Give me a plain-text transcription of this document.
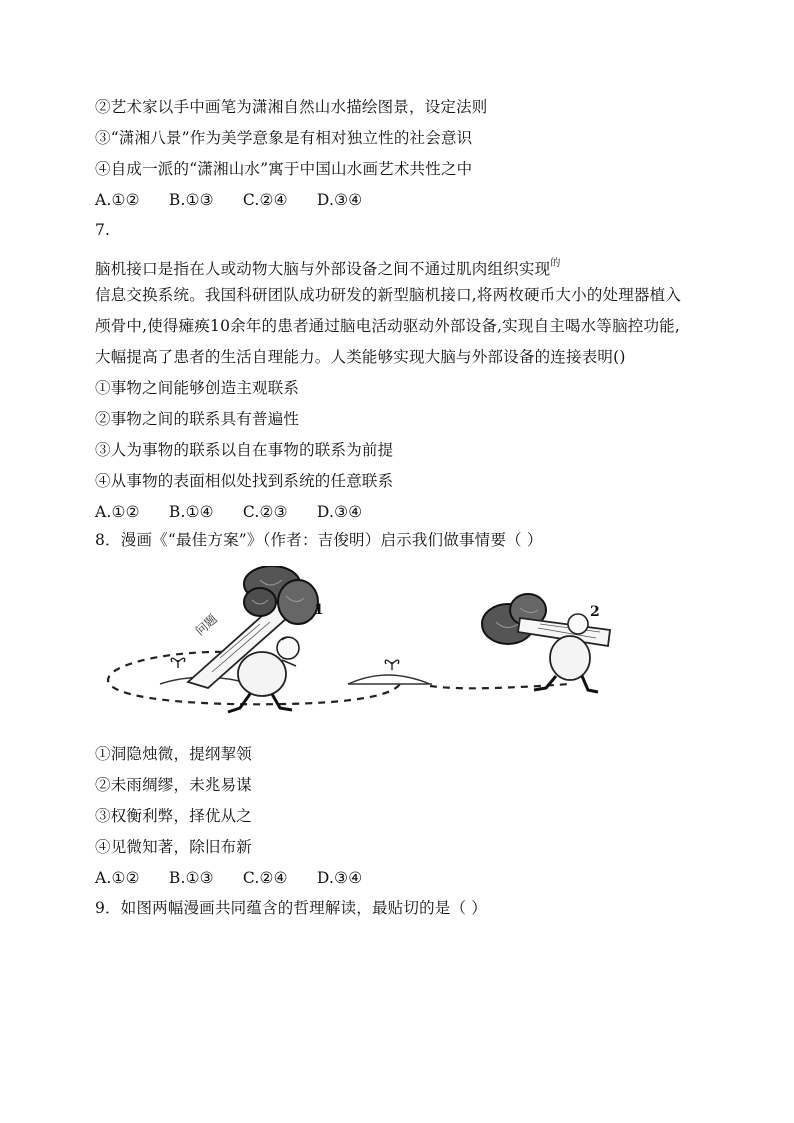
②艺术家以手中画笔为潇湘自然山水描绘图景，设定法则
③“潇湘八景”作为美学意象是有相对独立性的社会意识
④自成一派的“潇湘山水”寓于中国山水画艺术共性之中
A.①② B.①③ C.②④ D.③④
7.
脑机接口是指在人或动物大脑与外部设备之间不通过肌肉组织实现$^的$
信息交换系统。我国科研团队成功研发的新型脑机接口,将两枚硬币大小的处理器植入
颅骨中,使得瘫痪10余年的患者通过脑电活动驱动外部设备,实现自主喝水等脑控功能,
大幅提高了患者的生活自理能力。人类能够实现大脑与外部设备的连接表明()
①事物之间能够创造主观联系
②事物之间的联系具有普遍性
③人为事物的联系以自在事物的联系为前提
④从事物的表面相似处找到系统的任意联系
A.①② B.①④ C.②③ D.③④
8．漫画《“最佳方案”》（作者：吉俊明）启示我们做事情要（ ）
问题
1	2
①洞隐烛微，提纲挈领
②未雨绸缪，未兆易谋
③权衡利弊，择优从之
④见微知著，除旧布新
A.①② B.①③ C.②④ D.③④
9．如图两幅漫画共同蕴含的哲理解读，最贴切的是（ ）
